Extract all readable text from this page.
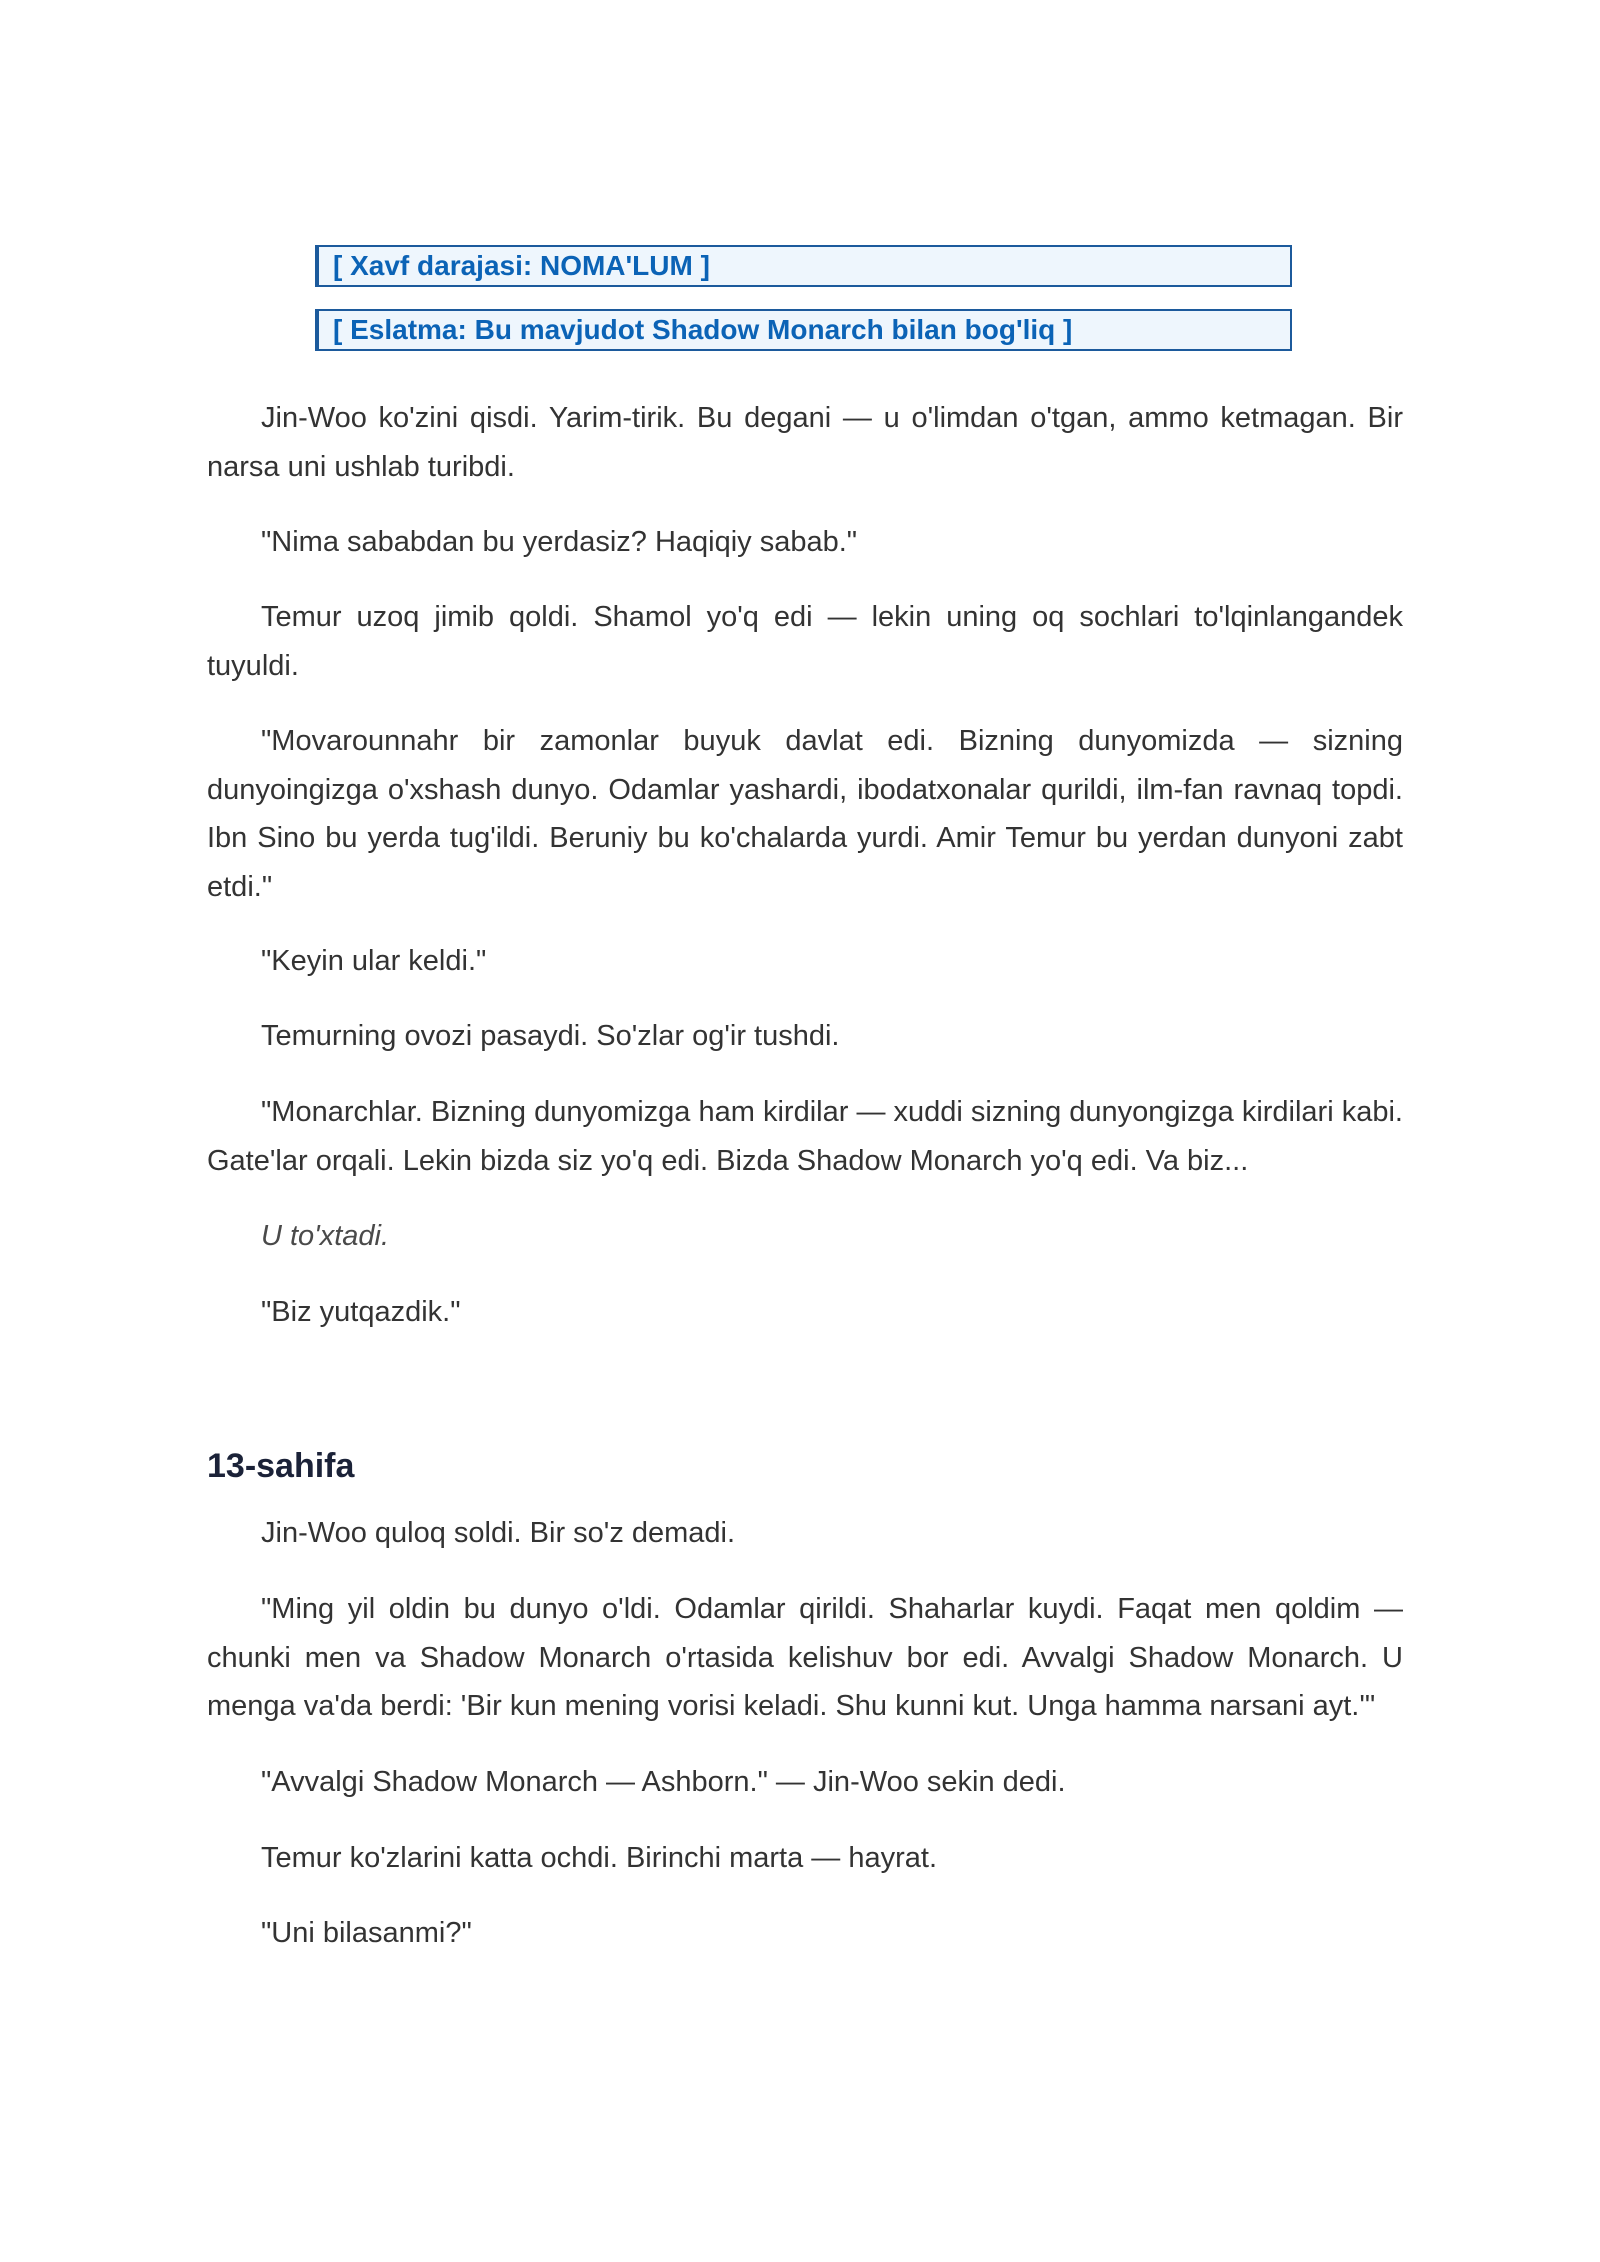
[ Xavf darajasi: NOMA'LUM ]
[ Eslatma: Bu mavjudot Shadow Monarch bilan bog'liq ]

Jin-Woo ko'zini qisdi. Yarim-tirik. Bu degani — u o'limdan o'tgan, ammo ketmagan. Bir narsa uni ushlab turibdi.

"Nima sababdan bu yerdasiz? Haqiqiy sabab."

Temur uzoq jimib qoldi. Shamol yo'q edi — lekin uning oq sochlari to'lqinlangandek tuyuldi.

"Movarounnahr bir zamonlar buyuk davlat edi. Bizning dunyomizda — sizning dunyoingizga o'xshash dunyo. Odamlar yashardi, ibodatxonalar qurildi, ilm-fan ravnaq topdi. Ibn Sino bu yerda tug'ildi. Beruniy bu ko'chalarda yurdi. Amir Temur bu yerdan dunyoni zabt etdi."

"Keyin ular keldi."

Temurning ovozi pasaydi. So'zlar og'ir tushdi.

"Monarchlar. Bizning dunyomizga ham kirdilar — xuddi sizning dunyongizga kirdilari kabi. Gate'lar orqali. Lekin bizda siz yo'q edi. Bizda Shadow Monarch yo'q edi. Va biz...

U to'xtadi.

"Biz yutqazdik."

13-sahifa

Jin-Woo quloq soldi. Bir so'z demadi.

"Ming yil oldin bu dunyo o'ldi. Odamlar qirildi. Shaharlar kuydi. Faqat men qoldim — chunki men va Shadow Monarch o'rtasida kelishuv bor edi. Avvalgi Shadow Monarch. U menga va'da berdi: 'Bir kun mening vorisi keladi. Shu kunni kut. Unga hamma narsani ayt.'"

"Avvalgi Shadow Monarch — Ashborn." — Jin-Woo sekin dedi.

Temur ko'zlarini katta ochdi. Birinchi marta — hayrat.

"Uni bilasanmi?"
